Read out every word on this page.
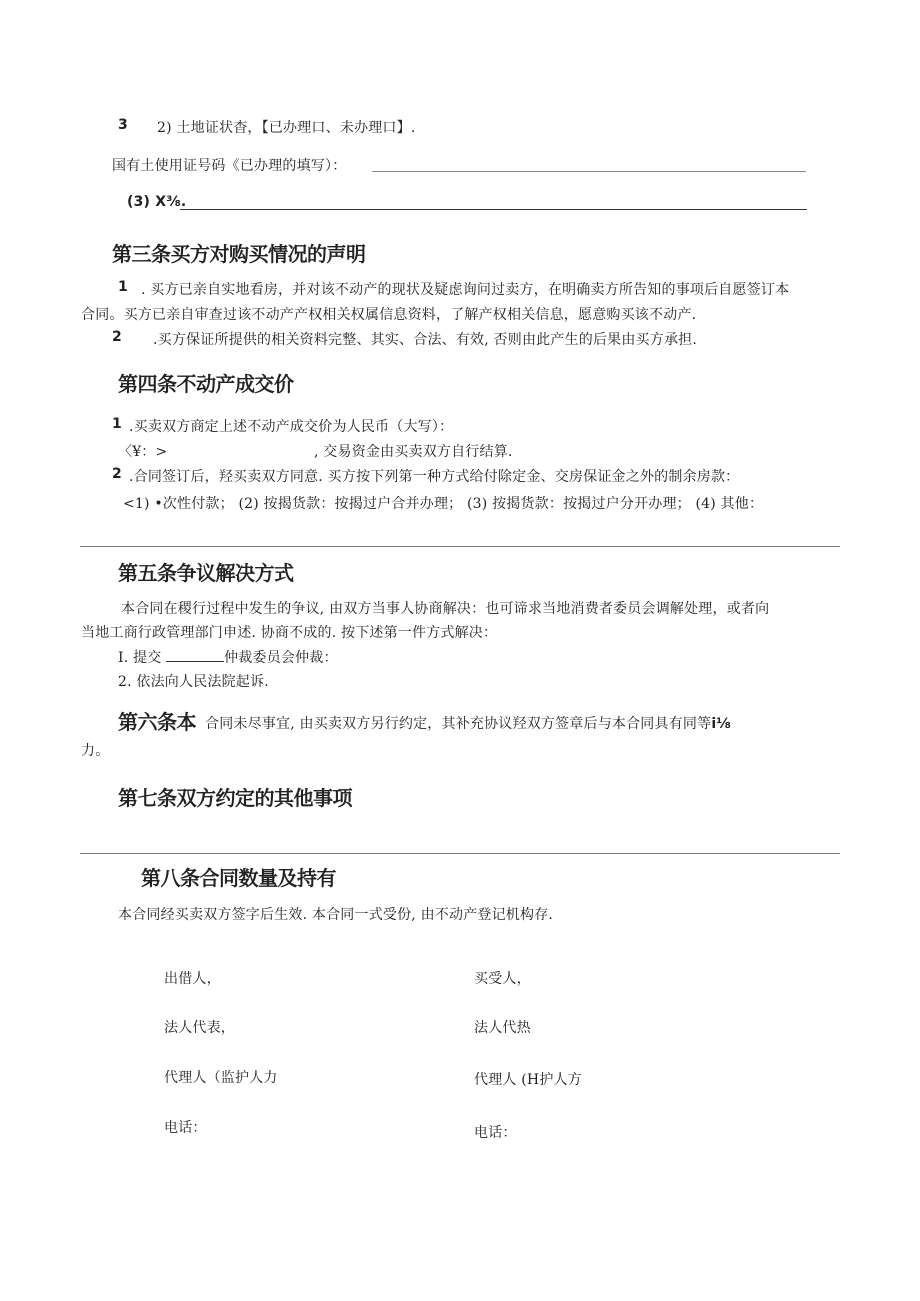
3 2) 土地证状杳，【已办理口、未办理口】.
国有土使用证号码《已办理的填写）：
(3) X⅜.
第三条买方对购买情况的声明
1 . 买方已亲自实地看房，并对该不动产的现状及疑虑询问过卖方，在明确卖方所告知的事项后自愿签订本
合同。买方已亲自审查过该不动产产权相关权属信息资料，了解产权相关信息，愿意购买该不动产.
2 .买方保证所提供的相关资料完整、其实、合法、有效, 否则由此产生的后果由买方承担.
第四条不动产成交价
1 .买卖双方商定上述不动产成交价为人民币（大写）：
〈¥：>	, 交易资金由买卖双方自行结算.
2 .合同签订后，羟买卖双方同意. 买方按下列第一种方式给付除定金、交房保证金之外的制余房款：
<1) •次性付款； (2) 按揭货款：按揭过户合并办理； (3) 按揭货款：按揭过户分开办理； (4) 其他：
第五条争议解决方式
本合同在稷行过程中发生的争议, 由双方当事人协商解决：也可谛求当地消费者委员会调解处理，或者向
当地工商行政管理部门申述. 协商不成的. 按下述第一件方式解决：
I. 提交	仲裁委员会仲裁：
2. 依法向人民法院起诉.
第六条本 合同未尽事宜, 由买卖双方另行约定，其补充协议羟双方签章后与本合同具有同等i⅛
力。
第七条双方约定的其他事项
第八条合同数量及持有
本合同经买卖双方签字后生效. 本合同一式受份, 由不动产登记机构存.
出借人，
法人代表，
代理人（监护人力
电话：
买受人，
法人代热
代理人 (H护人方
电话：
